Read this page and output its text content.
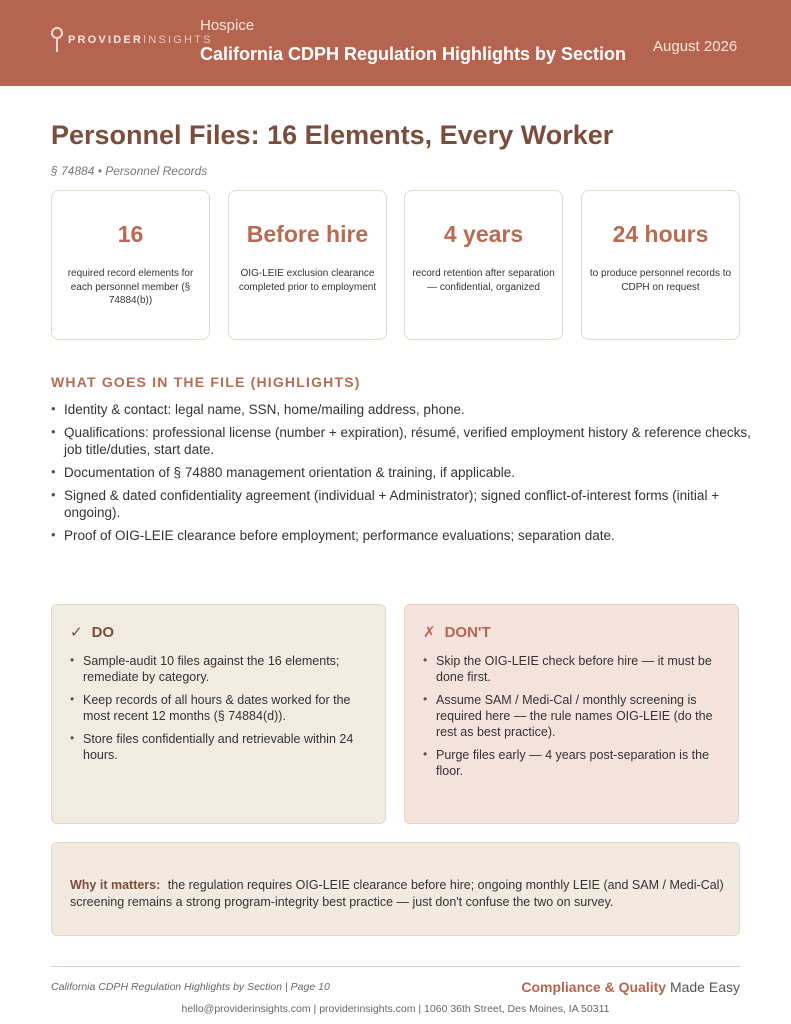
PROVIDERINSIGHTS
Hospice
California CDPH Regulation Highlights by Section August 2026
Personnel Files: 16 Elements, Every Worker
§ 74884 • Personnel Records
16
required record elements for each personnel member (§ 74884(b))
Before hire
OIG-LEIE exclusion clearance completed prior to employment
4 years
record retention after separation — confidential, organized
24 hours
to produce personnel records to CDPH on request
WHAT GOES IN THE FILE (HIGHLIGHTS)
• Identity & contact: legal name, SSN, home/mailing address, phone.
• Qualifications: professional license (number + expiration), résumé, verified employment history & reference checks, job title/duties, start date.
• Documentation of § 74880 management orientation & training, if applicable.
• Signed & dated confidentiality agreement (individual + Administrator); signed conflict-of-interest forms (initial + ongoing).
• Proof of OIG-LEIE clearance before employment; performance evaluations; separation date.
✓ DO
• Sample-audit 10 files against the 16 elements; remediate by category.
• Keep records of all hours & dates worked for the most recent 12 months (§ 74884(d)).
• Store files confidentially and retrievable within 24 hours.
✗ DON'T
• Skip the OIG-LEIE check before hire — it must be done first.
• Assume SAM / Medi-Cal / monthly screening is required here — the rule names OIG-LEIE (do the rest as best practice).
• Purge files early — 4 years post-separation is the floor.

Why it matters: the regulation requires OIG-LEIE clearance before hire; ongoing monthly LEIE (and SAM / Medi-Cal) screening remains a strong program-integrity best practice — just don't confuse the two on survey.

California CDPH Regulation Highlights by Section | Page 10	Compliance & Quality Made Easy
hello@providerinsights.com | providerinsights.com | 1060 36th Street, Des Moines, IA 50311
